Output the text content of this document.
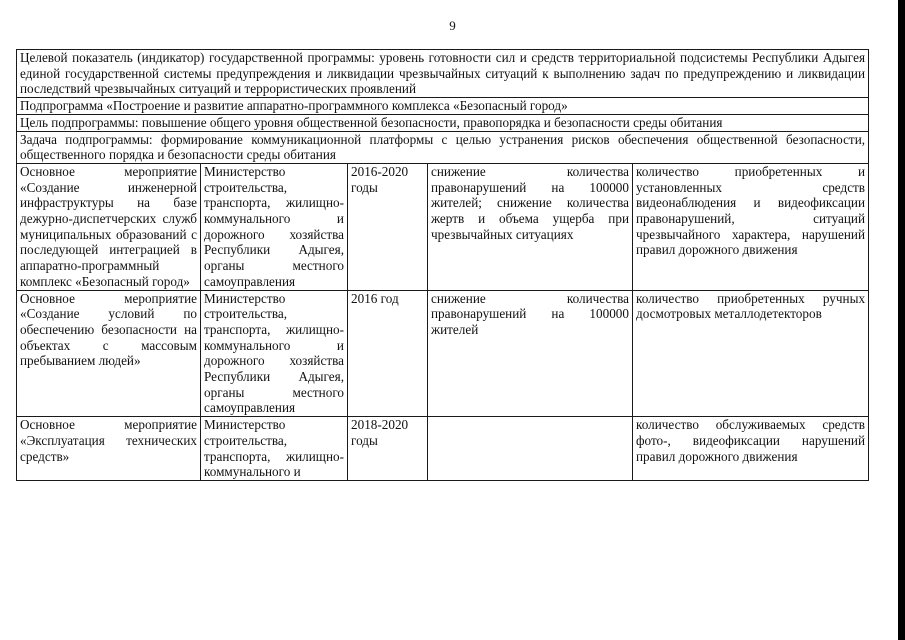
9
Целевой показатель (индикатор) государственной программы: уровень готовности сил и средств территориальной подсистемы Республики Адыгея единой государственной системы предупреждения и ликвидации чрезвычайных ситуаций к выполнению задач по предупреждению и ликвидации последствий чрезвычайных ситуаций и террористических проявлений				
Подпрограмма «Построение и развитие аппаратно-программного комплекса «Безопасный город»				
Цель подпрограммы: повышение общего уровня общественной безопасности, правопорядка и безопасности среды обитания				
Задача подпрограммы: формирование коммуникационной платформы с целью устранения рисков обеспечения общественной безопасности, общественного порядка и безопасности среды обитания				
Основное мероприятие «Создание инженерной инфраструктуры на базе дежурно-диспетчерских служб муниципальных образований с последующей интеграцией в аппаратно-программный комплекс «Безопасный город»	Министерство строительства, транспорта, жилищно-коммунального и дорожного хозяйства Республики Адыгея, органы местного самоуправления	2016-2020 годы	снижение количества правонарушений на 100000 жителей; снижение количества жертв и объема ущерба при чрезвычайных ситуациях	количество приобретенных и установленных средств видеонаблюдения и видеофиксации правонарушений, ситуаций чрезвычайного характера, нарушений правил дорожного движения
Основное мероприятие «Создание условий по обеспечению безопасности на объектах с массовым пребыванием людей»	Министерство строительства, транспорта, жилищно-коммунального и дорожного хозяйства Республики Адыгея, органы местного самоуправления	2016 год	снижение количества правонарушений на 100000 жителей	количество приобретенных ручных досмотровых металлодетекторов
Основное мероприятие «Эксплуатация технических средств»	Министерство строительства, транспорта, жилищно-коммунального и	2018-2020 годы		количество обслуживаемых средств фото-, видеофиксации нарушений правил дорожного движения
